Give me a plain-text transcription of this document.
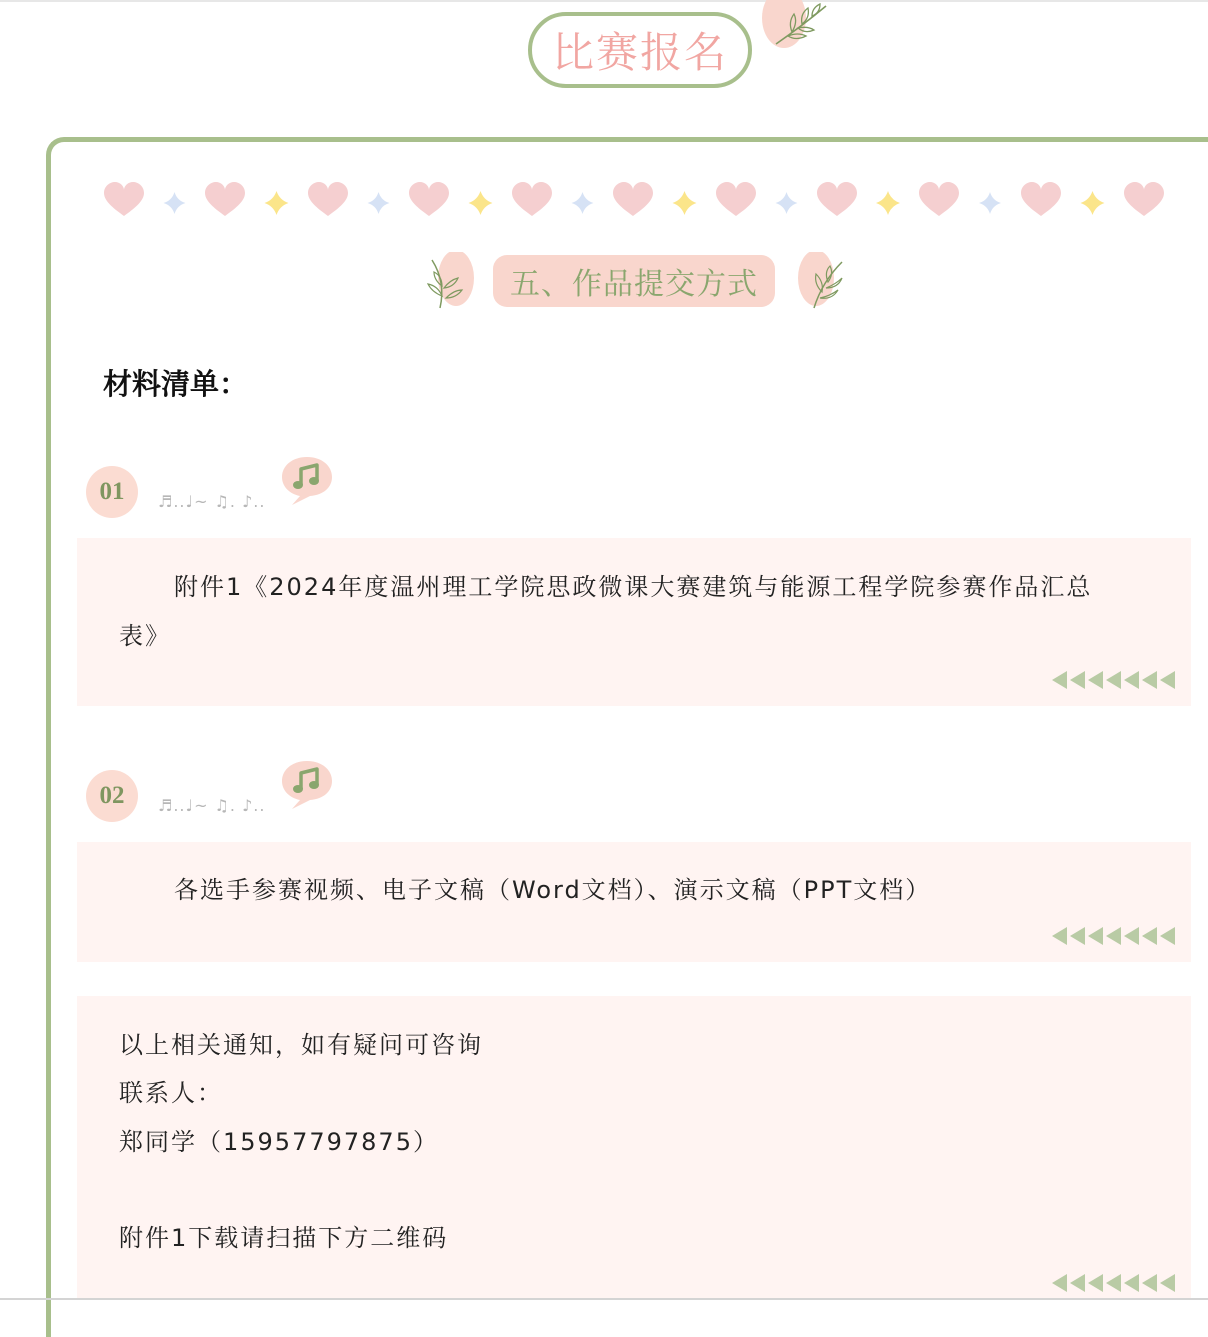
比赛报名
五、作品提交方式
材料清单：
01	♬..♩~ ♫. ♪..
附件1《2024年度温州理工学院思政微课大赛建筑与能源工程学院参赛作品汇总
表》
02	♬..♩~ ♫. ♪..
各选手参赛视频、电子文稿（Word文档）、演示文稿（PPT文档）
以上相关通知，如有疑问可咨询
联系人：
郑同学（15957797875）
附件1下载请扫描下方二维码
